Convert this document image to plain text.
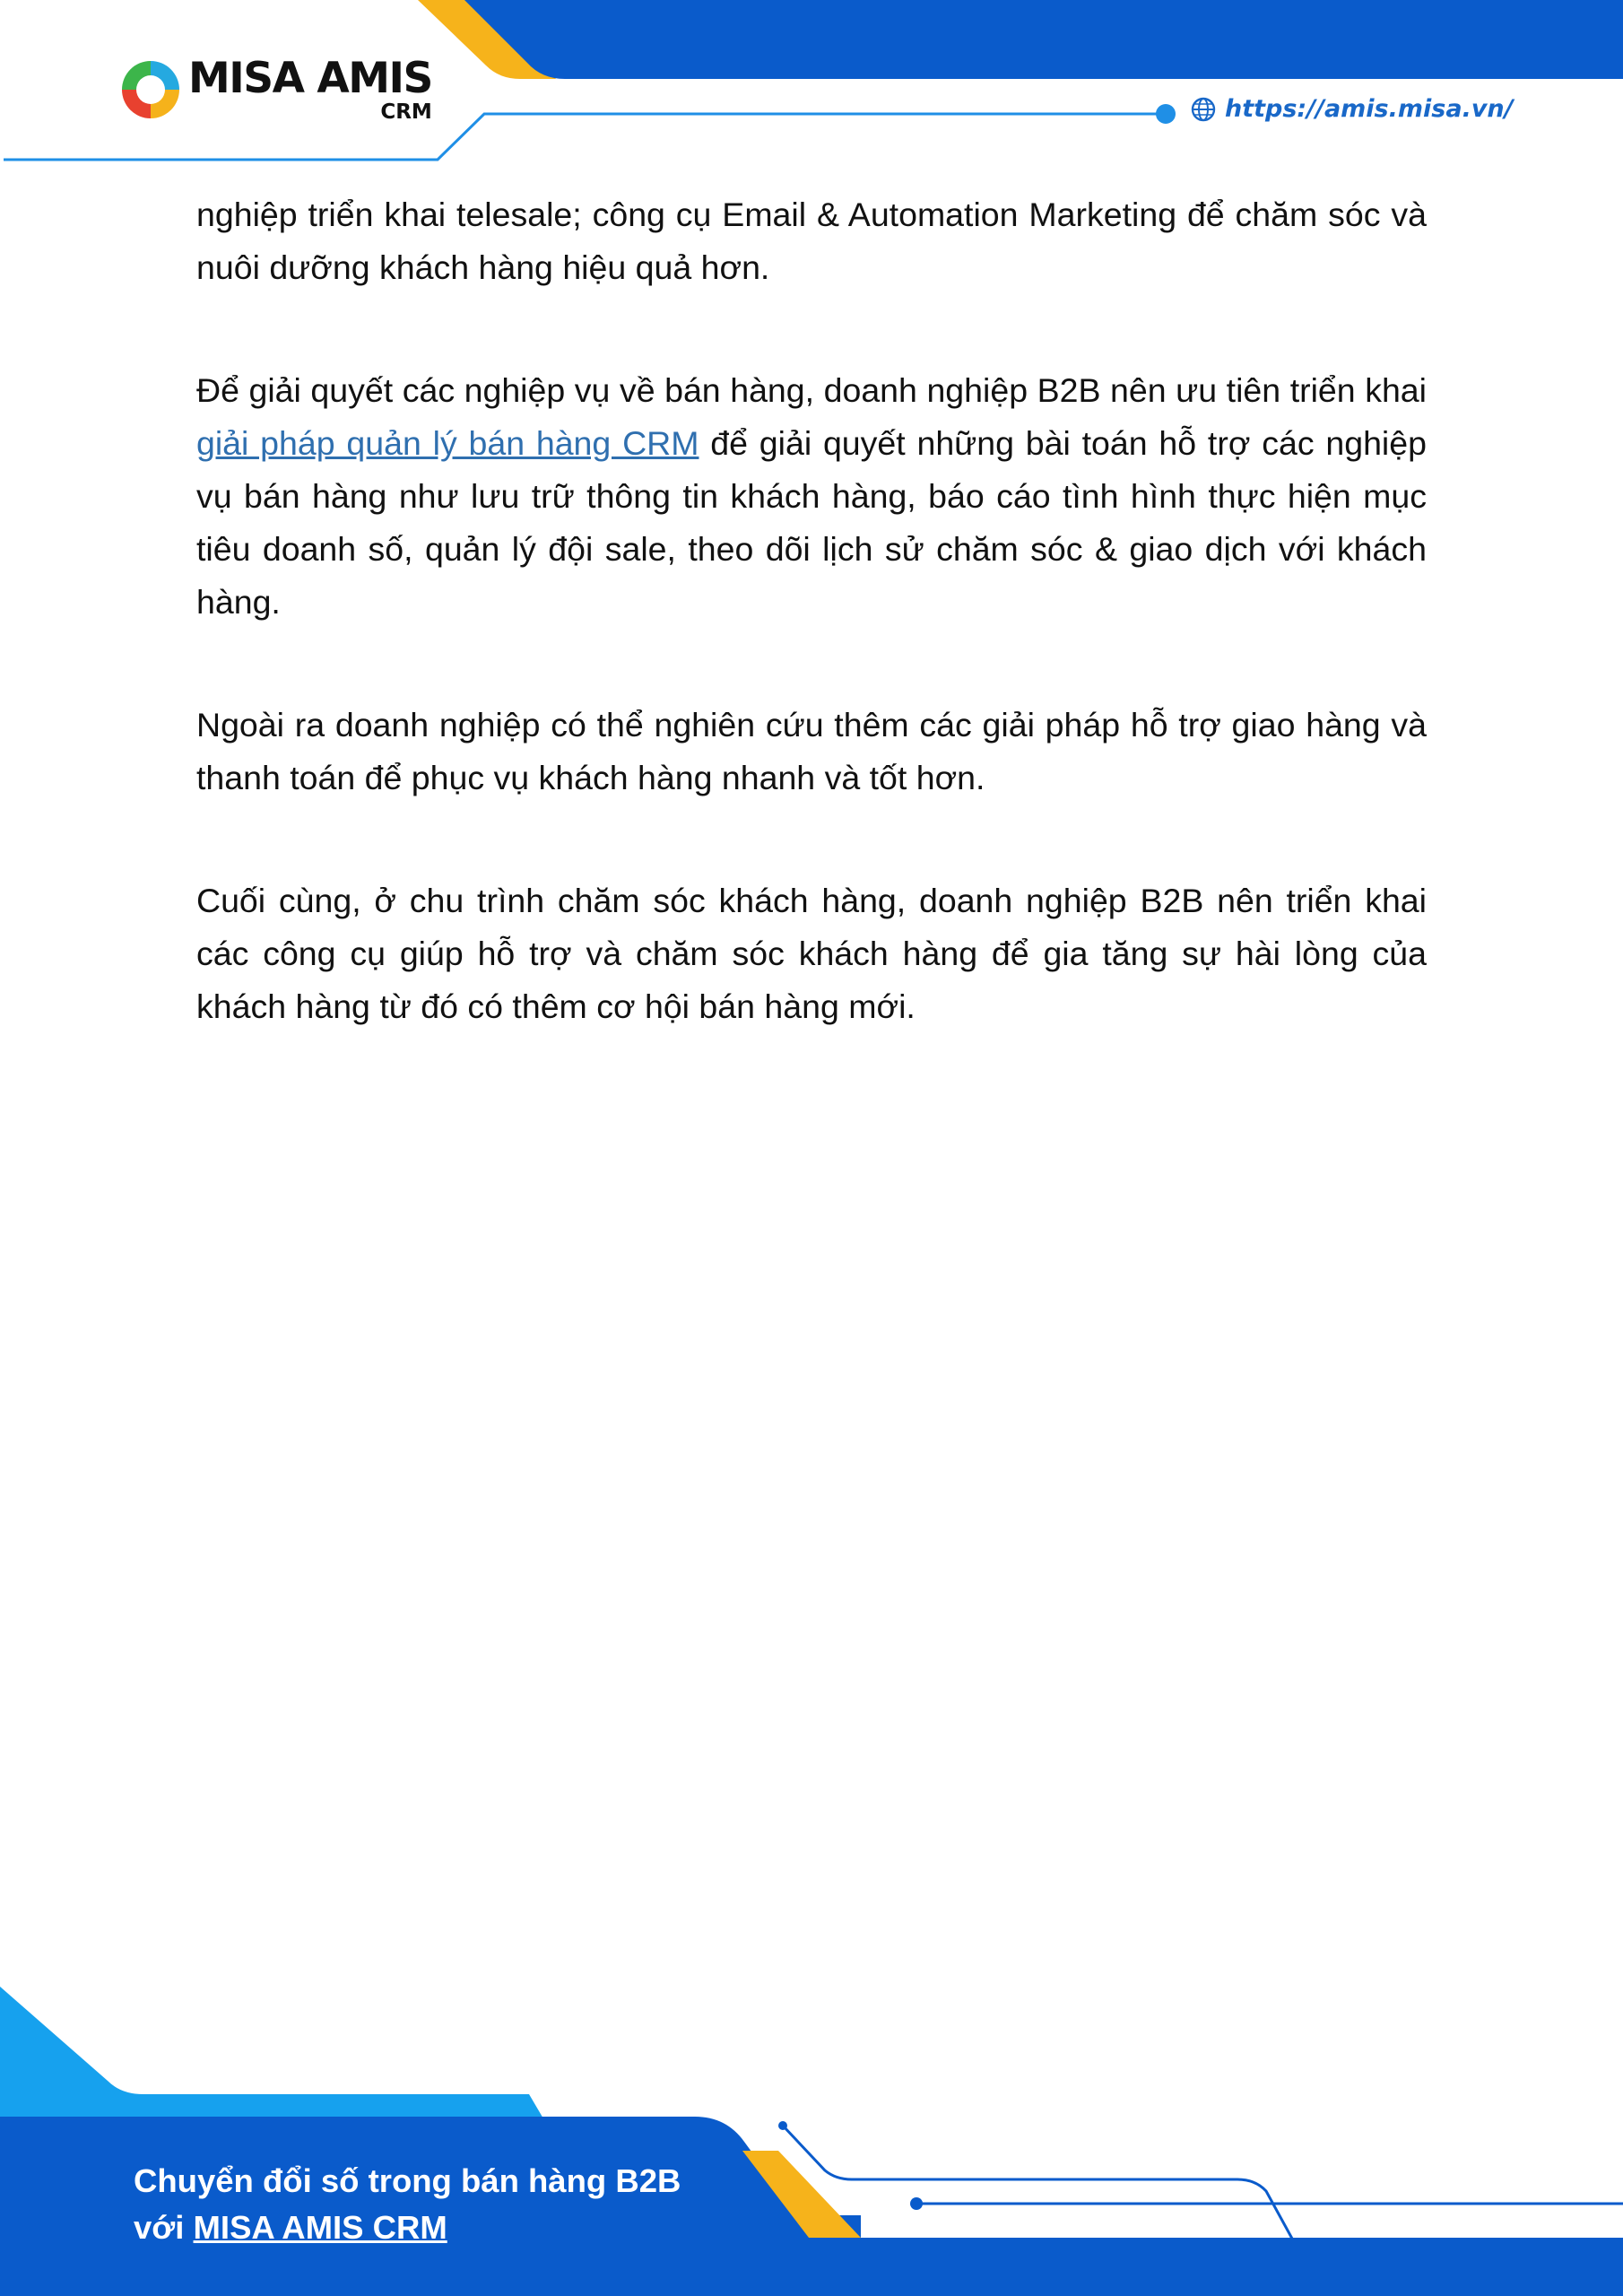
MISA AMIS
CRM	https://amis.misa.vn/

nghiệp triển khai telesale; công cụ Email & Automation Marketing để chăm sóc và nuôi dưỡng khách hàng hiệu quả hơn.

Để giải quyết các nghiệp vụ về bán hàng, doanh nghiệp B2B nên ưu tiên triển khai giải pháp quản lý bán hàng CRM để giải quyết những bài toán hỗ trợ các nghiệp vụ bán hàng như lưu trữ thông tin khách hàng, báo cáo tình hình thực hiện mục tiêu doanh số, quản lý đội sale, theo dõi lịch sử chăm sóc & giao dịch với khách hàng.

Ngoài ra doanh nghiệp có thể nghiên cứu thêm các giải pháp hỗ trợ giao hàng và thanh toán để phục vụ khách hàng nhanh và tốt hơn.

Cuối cùng, ở chu trình chăm sóc khách hàng, doanh nghiệp B2B nên triển khai các công cụ giúp hỗ trợ và chăm sóc khách hàng để gia tăng sự hài lòng của khách hàng từ đó có thêm cơ hội bán hàng mới.

Chuyển đổi số trong bán hàng B2B
với MISA AMIS CRM
